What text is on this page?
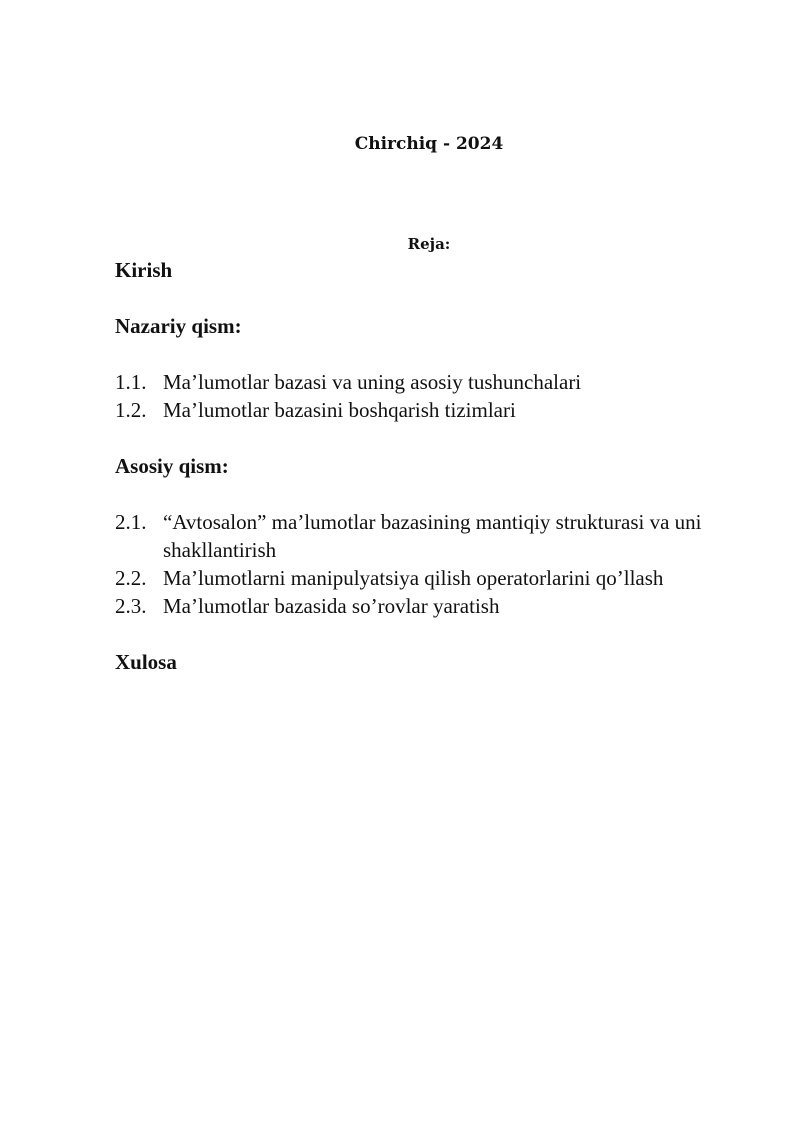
Chirchiq - 2024
Reja:

Kirish

Nazariy qism:

1.1. Ma’lumotlar bazasi va uning asosiy tushunchalari
1.2. Ma’lumotlar bazasini boshqarish tizimlari

Asosiy qism:

2.1. “Avtosalon” ma’lumotlar bazasining mantiqiy strukturasi va uni shakllantirish
2.2. Ma’lumotlarni manipulyatsiya qilish operatorlarini qo’llash
2.3. Ma’lumotlar bazasida so’rovlar yaratish

Xulosa
